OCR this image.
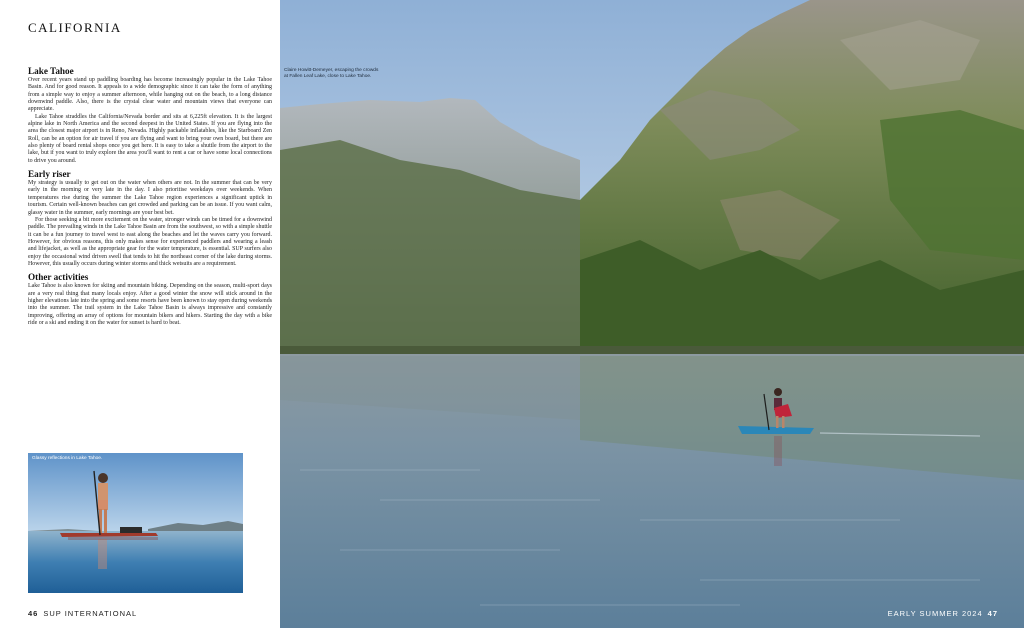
CALIFORNIA
Lake Tahoe

Over recent years stand up paddling boarding has become increasingly popular in the Lake Tahoe Basin. And for good reason. It appeals to a wide demographic since it can take the form of anything from a simple way to enjoy a summer afternoon, while hanging out on the beach, to a long distance downwind paddle. Also, there is the crystal clear water and mountain views that everyone can appreciate.

Lake Tahoe straddles the California/Nevada border and sits at 6,225ft elevation. It is the largest alpine lake in North America and the second deepest in the United States. If you are flying into the area the closest major airport is in Reno, Nevada. Highly packable inflatables, like the Starboard Zen Roll, can be an option for air travel if you are flying and want to bring your own board, but there are also plenty of board rental shops once you get here. It is easy to take a shuttle from the airport to the lake, but if you want to truly explore the area you'll want to rent a car or have some local connections to drive you around.

Early riser

My strategy is usually to get out on the water when others are not. In the summer that can be very early in the morning or very late in the day. I also prioritise weekdays over weekends. When temperatures rise during the summer the Lake Tahoe region experiences a significant uptick in tourism. Certain well-known beaches can get crowded and parking can be an issue. If you want calm, glassy water in the summer, early mornings are your best bet.

For those seeking a bit more excitement on the water, stronger winds can be timed for a downwind paddle. The prevailing winds in the Lake Tahoe Basin are from the southwest, so with a simple shuttle it can be a fun journey to travel west to east along the beaches and let the waves carry you forward. However, for obvious reasons, this only makes sense for experienced paddlers and wearing a leash and lifejacket, as well as the appropriate gear for the water temperature, is essential. SUP surfers also enjoy the occasional wind driven swell that tends to hit the northeast corner of the lake during storms. However, this usually occurs during winter storms and thick wetsuits are a requirement.

Other activities

Lake Tahoe is also known for skiing and mountain biking. Depending on the season, multi-sport days are a very real thing that many locals enjoy. After a good winter the snow will stick around in the higher elevations late into the spring and some resorts have been known to stay open during weekends into the summer. The trail system in the Lake Tahoe Basin is always impressive and constantly improving, offering an array of options for mountain bikers and hikers. Starting the day with a bike ride or a ski and ending it on the water for sunset is hard to beat.

Glassy reflections in Lake Tahoe.
46 SUP INTERNATIONAL
Claire Howitt-Demeyer, escaping the crowds
at Fallen Leaf Lake, close to Lake Tahoe.
EARLY SUMMER 2024 47
